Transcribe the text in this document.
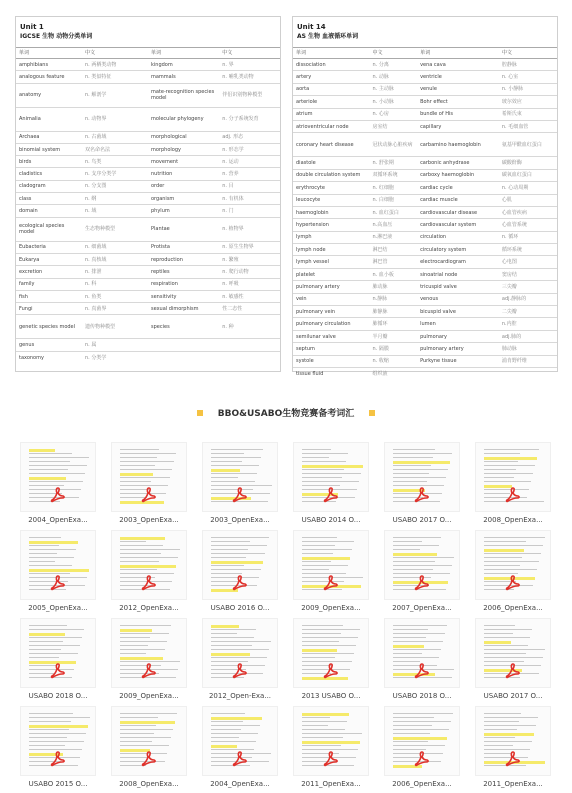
Unit 1
IGCSE 生物 动物分类单词
单词	中文	单词	中文
amphibians	n. 两栖类动物	kingdom	n. 界
analogous feature	n. 类似特征	mammals	n. 哺乳类动物
anatomy	n. 解剖学	mate-recognition species model	伴侣识别物种模型
Animalia	n. 动物界	molecular phylogeny	n. 分子系统发育
Archaea	n. 古菌域	morphological	adj. 形态
binomial system	双名命名法	morphology	n. 形态学
birds	n. 鸟类	movement	n. 运动
cladistics	n. 支序分类学	nutrition	n. 营养
cladogram	n. 分支图	order	n. 目
class	n. 纲	organism	n. 有机体
domain	n. 域	phylum	n. 门
ecological species model	生态物种模型	Plantae	n. 植物界
Eubacteria	n. 细菌域	Protista	n. 原生生物界
Eukarya	n. 真核域	reproduction	n. 繁殖
excretion	n. 排泄	reptiles	n. 爬行动物
family	n. 科	respiration	n. 呼吸
fish	n. 鱼类	sensitivity	n. 敏感性
Fungi	n. 真菌界	sexual dimorphism	性二态性
genetic species model	遗传物种模型	species	n. 种
genus	n. 属		
taxonomy	n. 分类学		
Unit 14
AS 生物 血液循环单词
单词	中文	单词	中文
dissociation	n. 分离	vena cava	腔静脉
artery	n. 动脉	ventricle	n. 心室
aorta	n. 主动脉	venule	n. 小静脉
arteriole	n. 小动脉	Bohr effect	玻尔效应
atrium	n. 心房	bundle of His	希斯氏束
atrioventricular node	房室结	capillary	n. 毛细血管
coronary heart disease	冠状动脉心脏疾病	carbamino haemoglobin	氨基甲酰血红蛋白
diastole	n. 舒张期	carbonic anhydrase	碳酸酐酶
double circulation system	双循环系统	carboxy haemoglobin	碳氧血红蛋白
erythrocyte	n. 红细胞	cardiac cycle	n. 心动周期
leucocyte	n. 白细胞	cardiac muscle	心肌
haemoglobin	n. 血红蛋白	cardiovascular disease	心血管疾病
hypertension	n.高血压	cardiovascular system	心血管系统
lymph	n.淋巴液	circulation	n. 循环
lymph node	淋巴结	circulatory system	循环系统
lymph vessel	淋巴管	electrocardiogram	心电图
platelet	n. 血小板	sinoatrial node	窦房结
pulmonary artery	肺动脉	tricuspid valve	三尖瓣
vein	n.静脉	venous	adj.静脉的
pulmonary vein	肺静脉	bicuspid valve	二尖瓣
pulmonary circulation	肺循环	lumen	n.内腔
semilunar valve	半月瓣	pulmonary	adj.肺的
septum	n. 隔膜	pulmonary artery	肺动脉
systole	n. 收缩	Purkyne tissue	浦肯野纤维
tissue fluid	组织液		
BBO&USABO生物竞赛备考词汇
2004_OpenExa...	2003_OpenExa...	2003_OpenExa...	USABO 2014 O...	USABO 2017 O...	2008_OpenExa...
2005_OpenExa...	2012_OpenExa...	USABO 2016 O...	2009_OpenExa...	2007_OpenExa...	2006_OpenExa...
USABO 2018 O...	2009_OpenExa...	2012_Open-Exa...	2013 USABO O...	USABO 2018 O...	USABO 2017 O...
USABO 2015 O...	2008_OpenExa...	2004_OpenExa...	2011_OpenExa...	2006_OpenExa...	2011_OpenExa...
